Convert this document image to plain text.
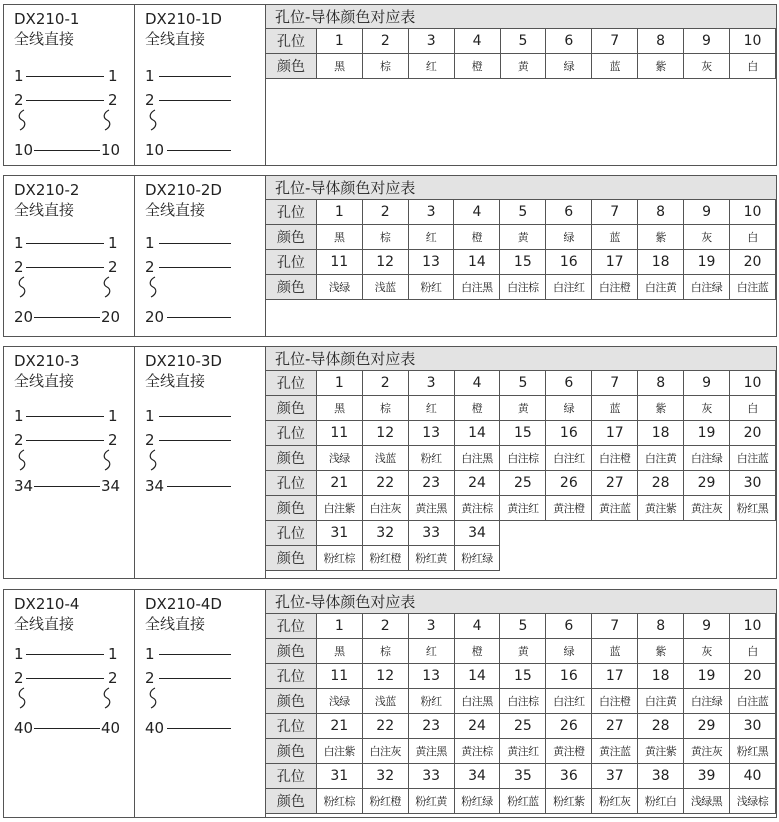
DX210-1
全线直接
1	1
2	2
10	10
DX210-1D
全线直接
1
2
10
孔位-导体颜色对应表
孔位	1	2	3	4	5	6	7	8	9	10
颜色	黑	棕	红	橙	黄	绿	蓝	紫	灰	白
DX210-2
全线直接
1	1
2	2
20	20
DX210-2D
全线直接
1
2
20
孔位-导体颜色对应表
孔位	1	2	3	4	5	6	7	8	9	10
颜色	黑	棕	红	橙	黄	绿	蓝	紫	灰	白
孔位	11	12	13	14	15	16	17	18	19	20
颜色	浅绿	浅蓝	粉红	白注黑	白注棕	白注红	白注橙	白注黄	白注绿	白注蓝
DX210-3
全线直接
1	1
2	2
34	34
DX210-3D
全线直接
1
2
34
孔位-导体颜色对应表
孔位	1	2	3	4	5	6	7	8	9	10
颜色	黑	棕	红	橙	黄	绿	蓝	紫	灰	白
孔位	11	12	13	14	15	16	17	18	19	20
颜色	浅绿	浅蓝	粉红	白注黑	白注棕	白注红	白注橙	白注黄	白注绿	白注蓝
孔位	21	22	23	24	25	26	27	28	29	30
颜色	白注紫	白注灰	黄注黑	黄注棕	黄注红	黄注橙	黄注蓝	黄注紫	黄注灰	粉红黑
孔位	31	32	33	34						
颜色	粉红棕	粉红橙	粉红黄	粉红绿						
DX210-4
全线直接
1	1
2	2
40	40
DX210-4D
全线直接
1
2
40
孔位-导体颜色对应表
孔位	1	2	3	4	5	6	7	8	9	10
颜色	黑	棕	红	橙	黄	绿	蓝	紫	灰	白
孔位	11	12	13	14	15	16	17	18	19	20
颜色	浅绿	浅蓝	粉红	白注黑	白注棕	白注红	白注橙	白注黄	白注绿	白注蓝
孔位	21	22	23	24	25	26	27	28	29	30
颜色	白注紫	白注灰	黄注黑	黄注棕	黄注红	黄注橙	黄注蓝	黄注紫	黄注灰	粉红黑
孔位	31	32	33	34	35	36	37	38	39	40
颜色	粉红棕	粉红橙	粉红黄	粉红绿	粉红蓝	粉红紫	粉红灰	粉红白	浅绿黑	浅绿棕
